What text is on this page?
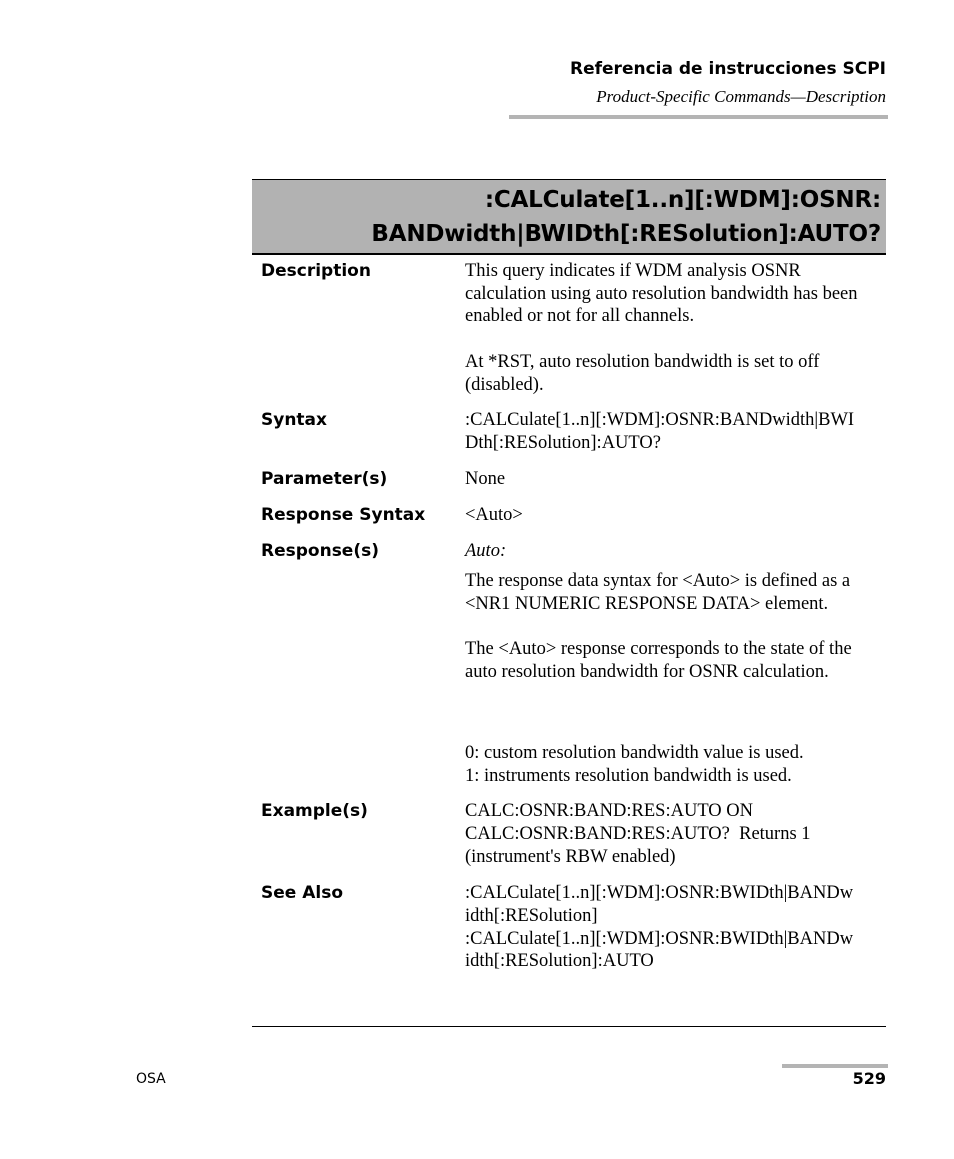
Referencia de instrucciones SCPI
Product-Specific Commands—Description
:CALCulate[1..n][:WDM]:OSNR:
BANDwidth|BWIDth[:RESolution]:AUTO?
Description	This query indicates if WDM analysis OSNR calculation using auto resolution bandwidth has been enabled or not for all channels.

At *RST, auto resolution bandwidth is set to off (disabled).

Syntax	:CALCulate[1..n][:WDM]:OSNR:BANDwidth|BWI

Dth[:RESolution]:AUTO?

Parameter(s)	None
Response Syntax	<Auto>
Response(s)	Auto:

The response data syntax for <Auto> is defined as a <NR1 NUMERIC RESPONSE DATA> element.

The <Auto> response corresponds to the state of the auto resolution bandwidth for OSNR calculation.

0: custom resolution bandwidth value is used.

1: instruments resolution bandwidth is used.

Example(s)	CALC:OSNR:BAND:RES:AUTO ON

CALC:OSNR:BAND:RES:AUTO?  Returns 1

(instrument's RBW enabled)

See Also	:CALCulate[1..n][:WDM]:OSNR:BWIDth|BANDw

idth[:RESolution]

:CALCulate[1..n][:WDM]:OSNR:BWIDth|BANDw

idth[:RESolution]:AUTO

OSA	529
